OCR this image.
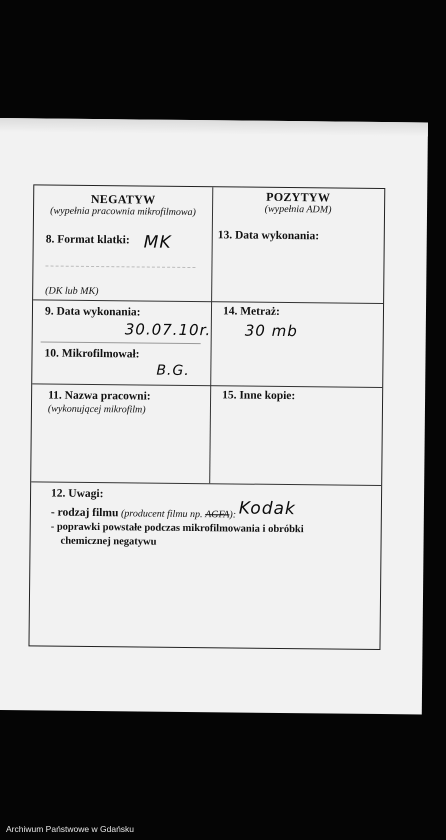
NEGATYW
(wypełnia pracownia mikrofilmowa)
POZYTYW
(wypełnia ADM)
8. Format klatki: MK
(DK lub MK)
13. Data wykonania:
9. Data wykonania:
30.07.10r.
14. Metraż:
30 mb
10. Mikrofilmował:
B.G.
11. Nazwa pracowni:
(wykonującej mikrofilm)
15. Inne kopie:
12. Uwagi:
- rodzaj filmu (producent filmu np. AGFA): Kodak
- poprawki powstałe podczas mikrofilmowania i obróbki
chemicznej negatywu
Archiwum Państwowe w Gdańsku
